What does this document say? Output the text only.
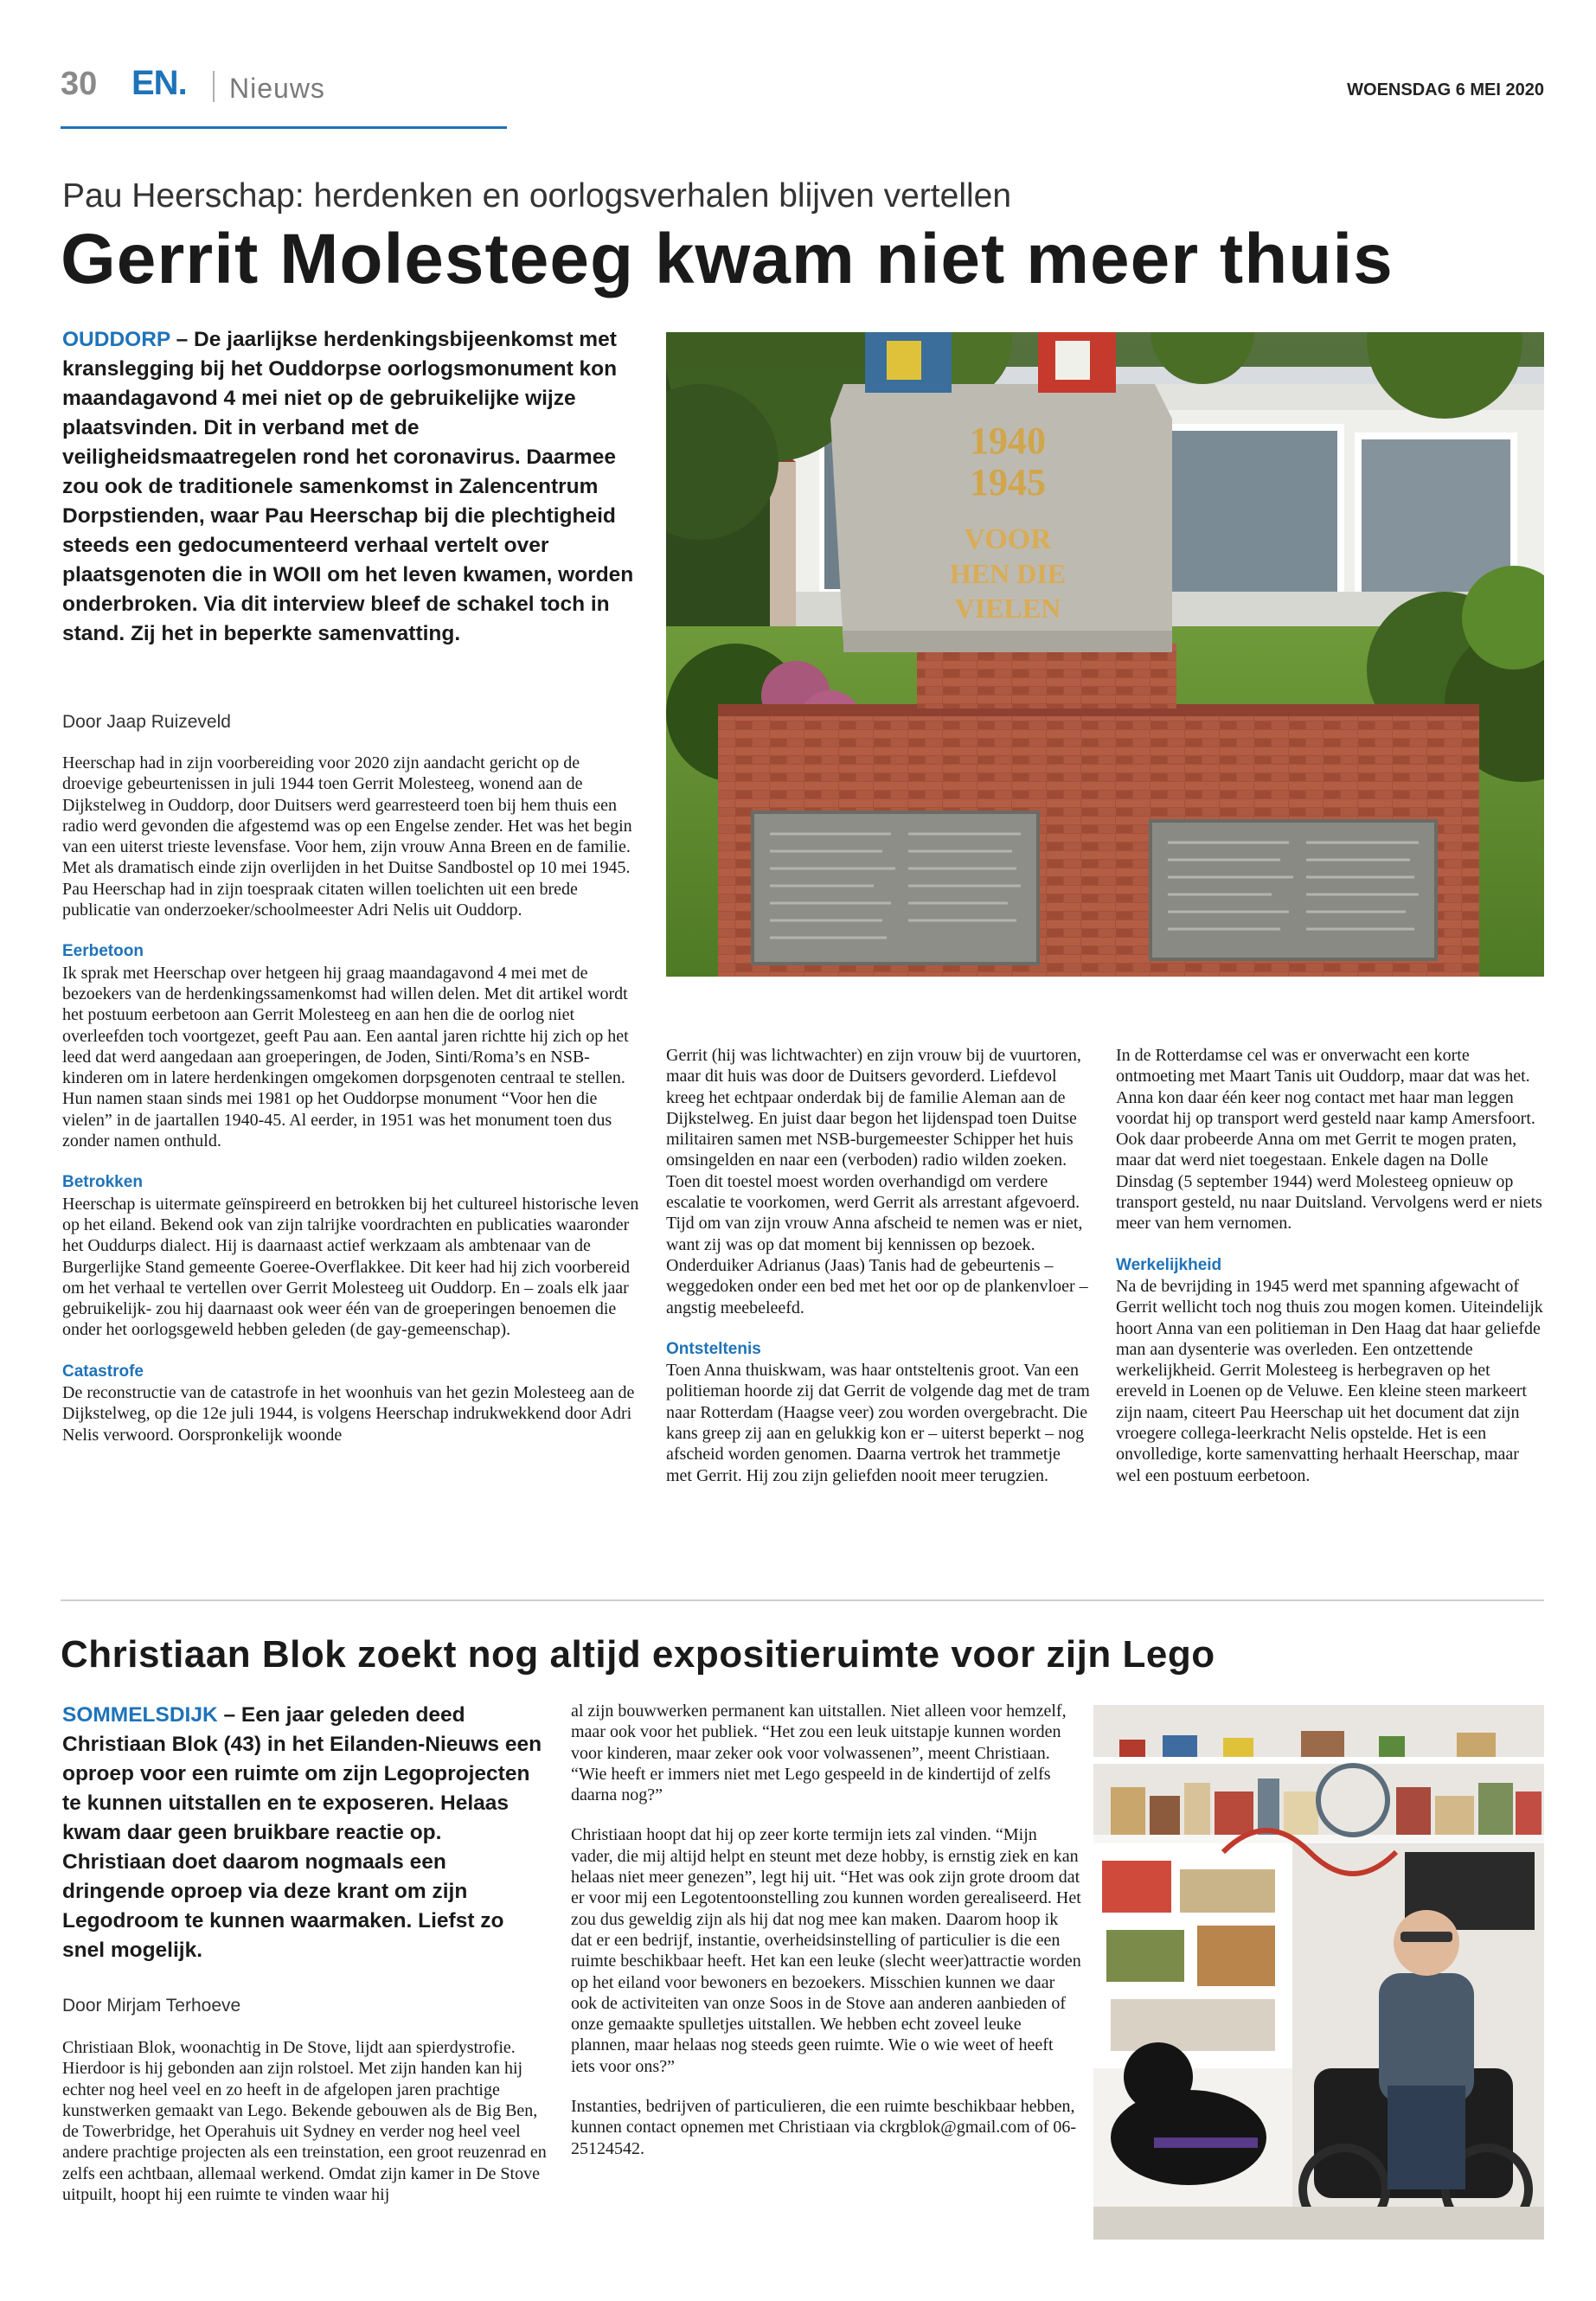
30 EN. Nieuws	WOENSDAG 6 MEI 2020
Pau Heerschap: herdenken en oorlogsverhalen blijven vertellen
Gerrit Molesteeg kwam niet meer thuis
OUDDORP – De jaarlijkse herdenkingsbijeenkomst met kranslegging bij het Ouddorpse oorlogsmonument kon maandagavond 4 mei niet op de gebruikelijke wijze plaatsvinden. Dit in verband met de veiligheidsmaatregelen rond het coronavirus. Daarmee zou ook de traditionele samenkomst in Zalencentrum Dorpstienden, waar Pau Heerschap bij die plechtigheid steeds een gedocumenteerd verhaal vertelt over plaatsgenoten die in WOII om het leven kwamen, worden onderbroken. Via dit interview bleef de schakel toch in stand. Zij het in beperkte samenvatting.
Door Jaap Ruizeveld
1940
1945
VOOR
HEN DIE
VIELEN

Heerschap had in zijn voorbereiding voor 2020 zijn aandacht gericht op de droevige gebeurtenissen in juli 1944 toen Gerrit Molesteeg, wonend aan de Dijkstelweg in Ouddorp, door Duitsers werd gearresteerd toen bij hem thuis een radio werd gevonden die afgestemd was op een Engelse zender. Het was het begin van een uiterst trieste levensfase. Voor hem, zijn vrouw Anna Breen en de familie. Met als dramatisch einde zijn overlijden in het Duitse Sandbostel op 10 mei 1945. Pau Heerschap had in zijn toespraak citaten willen toelichten uit een brede publicatie van onderzoeker/schoolmeester Adri Nelis uit Ouddorp.

Eerbetoon

Ik sprak met Heerschap over hetgeen hij graag maandagavond 4 mei met de bezoekers van de herdenkingssamenkomst had willen delen. Met dit artikel wordt het postuum eerbetoon aan Gerrit Molesteeg en aan hen die de oorlog niet overleefden toch voortgezet, geeft Pau aan. Een aantal jaren richtte hij zich op het leed dat werd aangedaan aan groeperingen, de Joden, Sinti/Roma’s en NSB-kinderen om in latere herdenkingen omgekomen dorpsgenoten centraal te stellen. Hun namen staan sinds mei 1981 op het Ouddorpse monument “Voor hen die vielen” in de jaartallen 1940-45. Al eerder, in 1951 was het monument toen dus zonder namen onthuld.

Betrokken

Heerschap is uitermate geïnspireerd en betrokken bij het cultureel historische leven op het eiland. Bekend ook van zijn talrijke voordrachten en publicaties waaronder het Ouddurps dialect. Hij is daarnaast actief werkzaam als ambtenaar van de Burgerlijke Stand gemeente Goeree-Overflakkee. Dit keer had hij zich voorbereid om het verhaal te vertellen over Gerrit Molesteeg uit Ouddorp. En – zoals elk jaar gebruikelijk- zou hij daarnaast ook weer één van de groeperingen benoemen die onder het oorlogsgeweld hebben geleden (de gay-gemeenschap).

Catastrofe

De reconstructie van de catastrofe in het woonhuis van het gezin Molesteeg aan de Dijkstelweg, op die 12e juli 1944, is volgens Heerschap indrukwekkend door Adri Nelis verwoord. Oorspronkelijk woonde

Gerrit (hij was lichtwachter) en zijn vrouw bij de vuurtoren, maar dit huis was door de Duitsers gevorderd. Liefdevol kreeg het echtpaar onderdak bij de familie Aleman aan de Dijkstelweg. En juist daar begon het lijdenspad toen Duitse militairen samen met NSB-burgemeester Schipper het huis omsingelden en naar een (verboden) radio wilden zoeken. Toen dit toestel moest worden overhandigd om verdere escalatie te voorkomen, werd Gerrit als arrestant afgevoerd. Tijd om van zijn vrouw Anna afscheid te nemen was er niet, want zij was op dat moment bij kennissen op bezoek. Onderduiker Adrianus (Jaas) Tanis had de gebeurtenis – weggedoken onder een bed met het oor op de plankenvloer – angstig meebeleefd.

Ontsteltenis

Toen Anna thuiskwam, was haar ontsteltenis groot. Van een politieman hoorde zij dat Gerrit de volgende dag met de tram naar Rotterdam (Haagse veer) zou worden overgebracht. Die kans greep zij aan en gelukkig kon er – uiterst beperkt – nog afscheid worden genomen. Daarna vertrok het trammetje met Gerrit. Hij zou zijn geliefden nooit meer terugzien.

In de Rotterdamse cel was er onverwacht een korte ontmoeting met Maart Tanis uit Ouddorp, maar dat was het. Anna kon daar één keer nog contact met haar man leggen voordat hij op transport werd gesteld naar kamp Amersfoort. Ook daar probeerde Anna om met Gerrit te mogen praten, maar dat werd niet toegestaan. Enkele dagen na Dolle Dinsdag (5 september 1944) werd Molesteeg opnieuw op transport gesteld, nu naar Duitsland. Vervolgens werd er niets meer van hem vernomen.

Werkelijkheid

Na de bevrijding in 1945 werd met spanning afgewacht of Gerrit wellicht toch nog thuis zou mogen komen. Uiteindelijk hoort Anna van een politieman in Den Haag dat haar geliefde man aan dysenterie was overleden. Een ontzettende werkelijkheid. Gerrit Molesteeg is herbegraven op het ereveld in Loenen op de Veluwe. Een kleine steen markeert zijn naam, citeert Pau Heerschap uit het document dat zijn vroegere collega-leerkracht Nelis opstelde. Het is een onvolledige, korte samenvatting herhaalt Heerschap, maar wel een postuum eerbetoon.

Christiaan Blok zoekt nog altijd expositieruimte voor zijn Lego
SOMMELSDIJK – Een jaar geleden deed Christiaan Blok (43) in het Eilanden-Nieuws een oproep voor een ruimte om zijn Legoprojecten te kunnen uitstallen en te exposeren. Helaas kwam daar geen bruikbare reactie op. Christiaan doet daarom nogmaals een dringende oproep via deze krant om zijn Legodroom te kunnen waarmaken. Liefst zo snel mogelijk.
Door Mirjam Terhoeve

Christiaan Blok, woonachtig in De Stove, lijdt aan spierdystrofie. Hierdoor is hij gebonden aan zijn rolstoel. Met zijn handen kan hij echter nog heel veel en zo heeft in de afgelopen jaren prachtige kunstwerken gemaakt van Lego. Bekende gebouwen als de Big Ben, de Towerbridge, het Operahuis uit Sydney en verder nog heel veel andere prachtige projecten als een treinstation, een groot reuzenrad en zelfs een achtbaan, allemaal werkend. Omdat zijn kamer in De Stove uitpuilt, hoopt hij een ruimte te vinden waar hij

al zijn bouwwerken permanent kan uitstallen. Niet alleen voor hemzelf, maar ook voor het publiek. “Het zou een leuk uitstapje kunnen worden voor kinderen, maar zeker ook voor volwassenen”, meent Christiaan. “Wie heeft er immers niet met Lego gespeeld in de kindertijd of zelfs daarna nog?”

Christiaan hoopt dat hij op zeer korte termijn iets zal vinden. “Mijn vader, die mij altijd helpt en steunt met deze hobby, is ernstig ziek en kan helaas niet meer genezen”, legt hij uit. “Het was ook zijn grote droom dat er voor mij een Legotentoonstelling zou kunnen worden gerealiseerd. Het zou dus geweldig zijn als hij dat nog mee kan maken. Daarom hoop ik dat er een bedrijf, instantie, overheidsinstelling of particulier is die een ruimte beschikbaar heeft. Het kan een leuke (slecht weer)attractie worden op het eiland voor bewoners en bezoekers. Misschien kunnen we daar ook de activiteiten van onze Soos in de Stove aan anderen aanbieden of onze gemaakte spulletjes uitstallen. We hebben echt zoveel leuke plannen, maar helaas nog steeds geen ruimte. Wie o wie weet of heeft iets voor ons?”

Instanties, bedrijven of particulieren, die een ruimte beschikbaar hebben, kunnen contact opnemen met Christiaan via ckrgblok@gmail.com of 06-25124542.
